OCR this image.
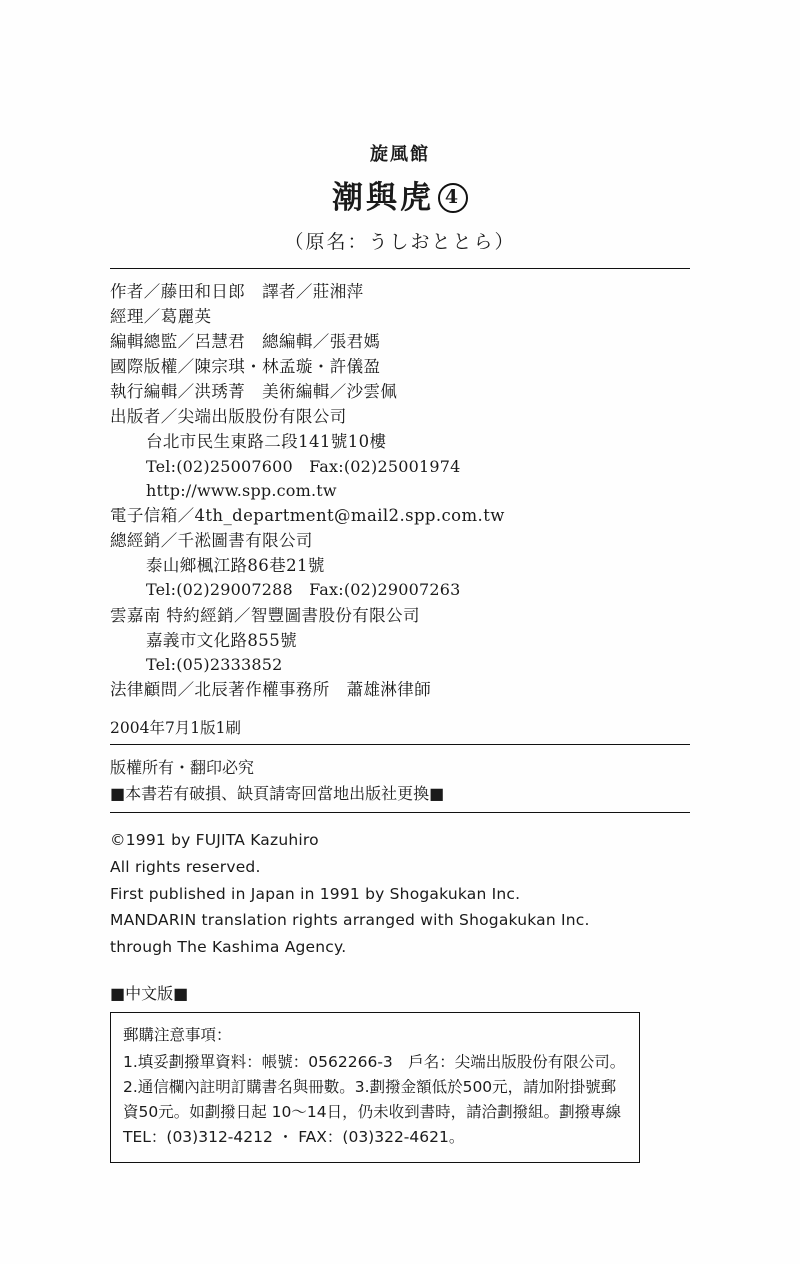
旋風館
潮與虎 4
（原名：うしおととら）
作者／藤田和日郎　譯者／莊湘萍
經理／葛麗英
編輯總監／呂慧君　總編輯／張君媽
國際版權／陳宗琪・林孟璇・許儀盈
執行編輯／洪琇菁　美術編輯／沙雲佩
出版者／尖端出版股份有限公司
台北市民生東路二段141號10樓
Tel:(02)25007600　Fax:(02)25001974
http://www.spp.com.tw
電子信箱／4th_department@mail2.spp.com.tw
總經銷／千淞圖書有限公司
泰山鄉楓江路86巷21號
Tel:(02)29007288　Fax:(02)29007263
雲嘉南 特約經銷／智豐圖書股份有限公司
嘉義市文化路855號
Tel:(05)2333852
法律顧問／北辰著作權事務所　蕭雄淋律師
2004年7月1版1刷
版權所有・翻印必究
■本書若有破損、缺頁請寄回當地出版社更換■
©1991 by FUJITA Kazuhiro
All rights reserved.
First published in Japan in 1991 by Shogakukan Inc.
MANDARIN translation rights arranged with Shogakukan Inc.
through The Kashima Agency.
■中文版■
郵購注意事項：
1.填妥劃撥單資料：帳號：0562266-3　戶名：尖端出版股份有限公司。2.通信欄內註明訂購書名與冊數。3.劃撥金額低於500元，請加附掛號郵資50元。如劃撥日起 10～14日，仍未收到書時，請洽劃撥組。劃撥專線TEL：(03)312-4212 ・ FAX：(03)322-4621。
